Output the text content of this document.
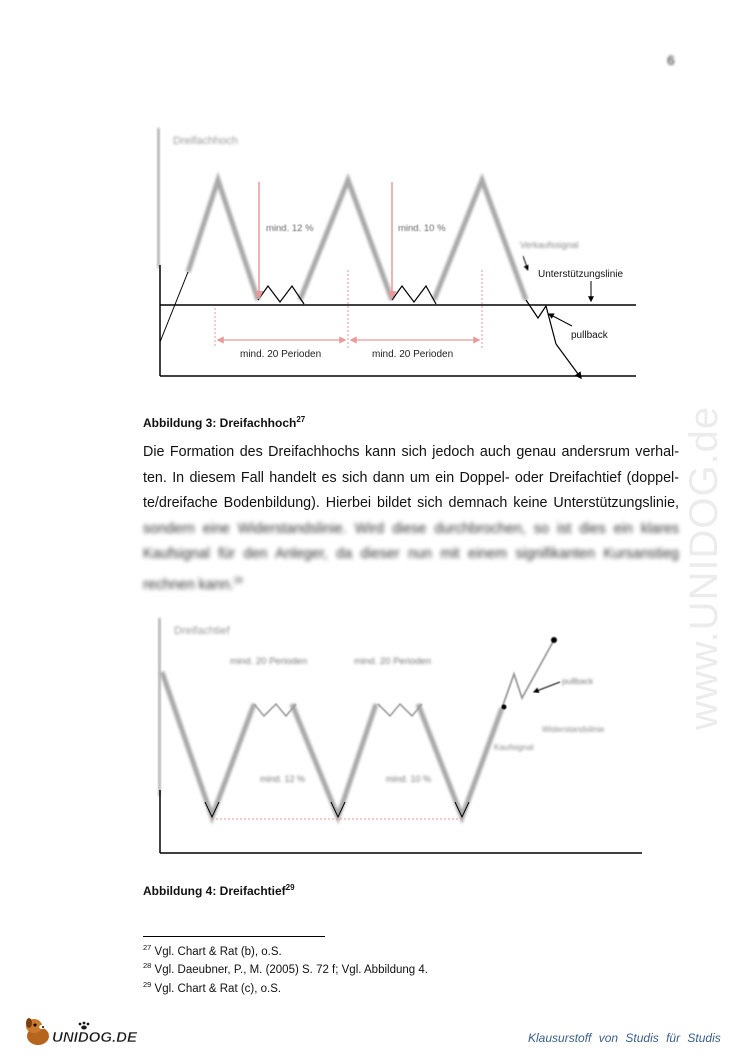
6
www.UNIDOG.de
Dreifachhoch
mind. 12 %	mind. 10 %
mind. 20 Perioden	mind. 20 Perioden
Verkaufssignal
Unterstützungslinie
pullback
Abbildung 3: Dreifachhoch$^{27}$
Die Formation des Dreifachhochs kann sich jedoch auch genau andersrum verhal-
ten. In diesem Fall handelt es sich dann um ein Doppel- oder Dreifachtief (doppel-
te/dreifache Bodenbildung). Hierbei bildet sich demnach keine Unterstützungslinie,
sondern eine Widerstandslinie. Wird diese durchbrochen, so ist dies ein klares
Kaufsignal für den Anleger, da dieser nun mit einem signifikanten Kursanstieg
rechnen kann.$^{28}$
Dreifachtief
mind. 20 Perioden	mind. 20 Perioden
mind. 12 %	mind. 10 %
pullback
Widerstandslinie
Kaufsignal
Abbildung 4: Dreifachtief$^{29}$
$^{27}$ Vgl. Chart & Rat (b), o.S.
$^{28}$ Vgl. Daeubner, P., M. (2005) S. 72 f; Vgl. Abbildung 4.
$^{29}$ Vgl. Chart & Rat (c), o.S.
UNIDOG.DE	Klausurstoff von Studis für Studis
